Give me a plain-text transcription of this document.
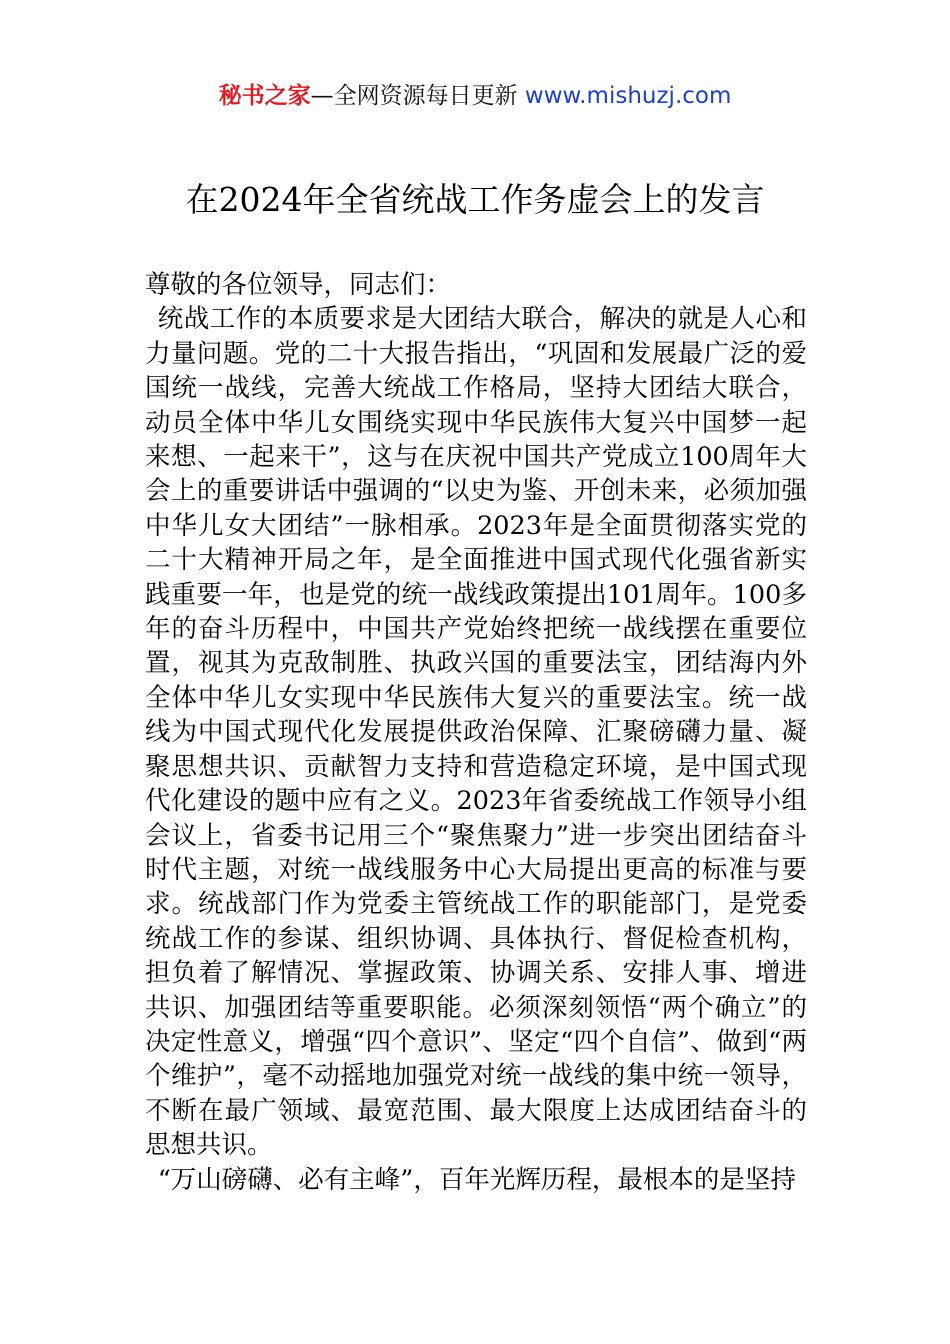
秘书之家—全网资源每日更新 www.mishuzj.com
在2024年全省统战工作务虚会上的发言

尊敬的各位领导，同志们：

统战工作的本质要求是大团结大联合，解决的就是人心和力量问题。党的二十大报告指出，“巩固和发展最广泛的爱国统一战线，完善大统战工作格局，坚持大团结大联合，动员全体中华儿女围绕实现中华民族伟大复兴中国梦一起来想、一起来干”，这与在庆祝中国共产党成立100周年大会上的重要讲话中强调的“以史为鉴、开创未来，必须加强中华儿女大团结”一脉相承。2023年是全面贯彻落实党的二十大精神开局之年，是全面推进中国式现代化强省新实践重要一年，也是党的统一战线政策提出101周年。100多年的奋斗历程中，中国共产党始终把统一战线摆在重要位置，视其为克敌制胜、执政兴国的重要法宝，团结海内外全体中华儿女实现中华民族伟大复兴的重要法宝。统一战线为中国式现代化发展提供政治保障、汇聚磅礴力量、凝聚思想共识、贡献智力支持和营造稳定环境，是中国式现代化建设的题中应有之义。2023年省委统战工作领导小组会议上，省委书记用三个“聚焦聚力”进一步突出团结奋斗时代主题，对统一战线服务中心大局提出更高的标准与要求。统战部门作为党委主管统战工作的职能部门，是党委统战工作的参谋、组织协调、具体执行、督促检查机构，担负着了解情况、掌握政策、协调关系、安排人事、增进共识、加强团结等重要职能。必须深刻领悟“两个确立”的决定性意义，增强“四个意识”、坚定“四个自信”、做到“两个维护”，毫不动摇地加强党对统一战线的集中统一领导，不断在最广领域、最宽范围、最大限度上达成团结奋斗的思想共识。

“万山磅礴、必有主峰”，百年光辉历程，最根本的是坚持
